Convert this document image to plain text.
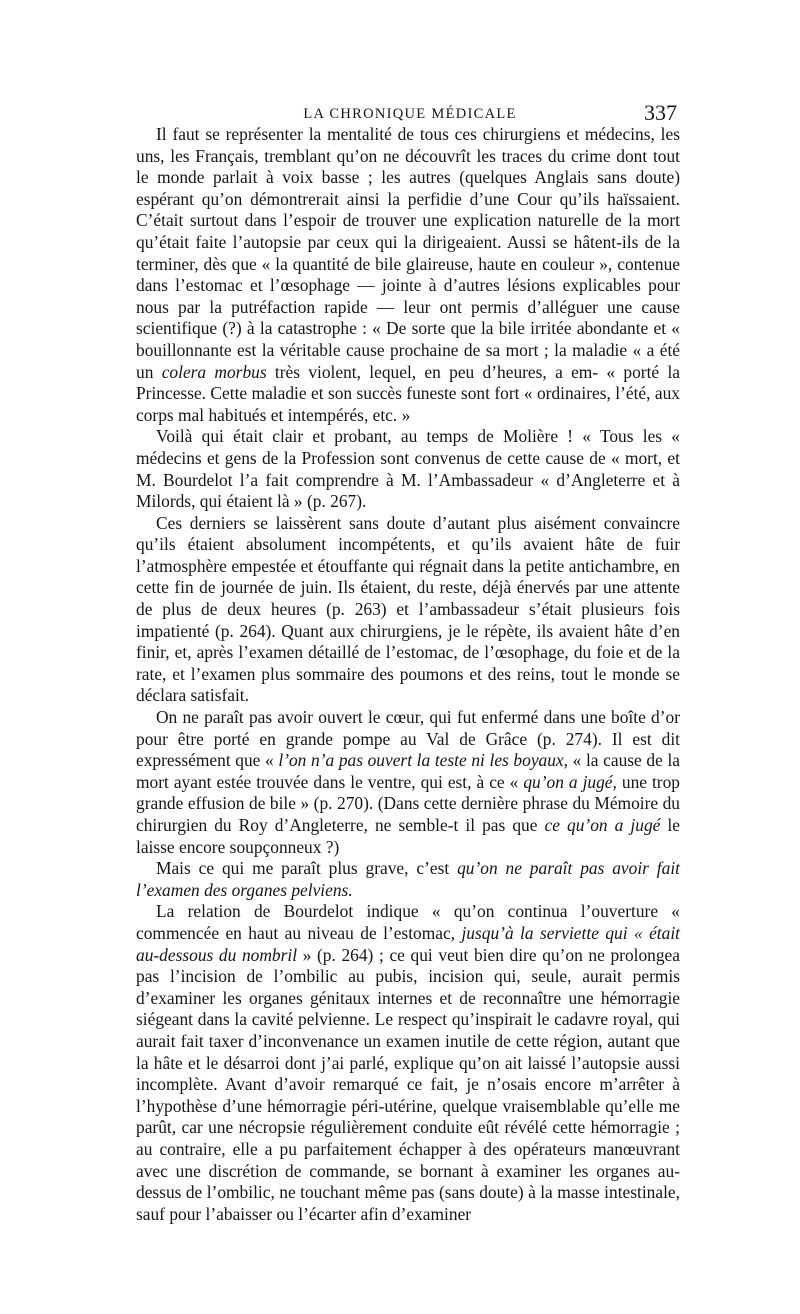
LA CHRONIQUE MÉDICALE	337

Il faut se représenter la mentalité de tous ces chirurgiens et médecins, les uns, les Français, tremblant qu’on ne découvrît les traces du crime dont tout le monde parlait à voix basse ; les autres (quelques Anglais sans doute) espérant qu’on démontrerait ainsi la perfidie d’une Cour qu’ils haïssaient. C’était surtout dans l’espoir de trouver une explication naturelle de la mort qu’était faite l’autopsie par ceux qui la dirigeaient. Aussi se hâtent-ils de la terminer, dès que « la quantité de bile glaireuse, haute en couleur », contenue dans l’estomac et l’œsophage — jointe à d’autres lésions explicables pour nous par la putréfaction rapide — leur ont permis d’alléguer une cause scientifique (?) à la catastrophe : « De sorte que la bile irritée abondante et « bouillonnante est la véritable cause prochaine de sa mort ; la maladie « a été un colera morbus très violent, lequel, en peu d’heures, a em- « porté la Princesse. Cette maladie et son succès funeste sont fort « ordinaires, l’été, aux corps mal habitués et intempérés, etc. »

Voilà qui était clair et probant, au temps de Molière ! « Tous les « médecins et gens de la Profession sont convenus de cette cause de « mort, et M. Bourdelot l’a fait comprendre à M. l’Ambassadeur « d’Angleterre et à Milords, qui étaient là » (p. 267).

Ces derniers se laissèrent sans doute d’autant plus aisément convaincre qu’ils étaient absolument incompétents, et qu’ils avaient hâte de fuir l’atmosphère empestée et étouffante qui régnait dans la petite antichambre, en cette fin de journée de juin. Ils étaient, du reste, déjà énervés par une attente de plus de deux heures (p. 263) et l’ambassadeur s’était plusieurs fois impatienté (p. 264). Quant aux chirurgiens, je le répète, ils avaient hâte d’en finir, et, après l’examen détaillé de l’estomac, de l’œsophage, du foie et de la rate, et l’examen plus sommaire des poumons et des reins, tout le monde se déclara satisfait.

On ne paraît pas avoir ouvert le cœur, qui fut enfermé dans une boîte d’or pour être porté en grande pompe au Val de Grâce (p. 274). Il est dit expressément que « l’on n’a pas ouvert la teste ni les boyaux, « la cause de la mort ayant estée trouvée dans le ventre, qui est, à ce « qu’on a jugé, une trop grande effusion de bile » (p. 270). (Dans cette dernière phrase du Mémoire du chirurgien du Roy d’Angleterre, ne semble-t il pas que ce qu’on a jugé le laisse encore soupçonneux ?)

Mais ce qui me paraît plus grave, c’est qu’on ne paraît pas avoir fait l’examen des organes pelviens.

La relation de Bourdelot indique « qu’on continua l’ouverture « commencée en haut au niveau de l’estomac, jusqu’à la serviette qui « était au-dessous du nombril » (p. 264) ; ce qui veut bien dire qu’on ne prolongea pas l’incision de l’ombilic au pubis, incision qui, seule, aurait permis d’examiner les organes génitaux internes et de reconnaître une hémorragie siégeant dans la cavité pelvienne. Le respect qu’inspirait le cadavre royal, qui aurait fait taxer d’inconvenance un examen inutile de cette région, autant que la hâte et le désarroi dont j’ai parlé, explique qu’on ait laissé l’autopsie aussi incomplète. Avant d’avoir remarqué ce fait, je n’osais encore m’arrêter à l’hypothèse d’une hémorragie péri-utérine, quelque vraisemblable qu’elle me parût, car une nécropsie régulièrement conduite eût révélé cette hémorragie ; au contraire, elle a pu parfaitement échapper à des opérateurs manœuvrant avec une discrétion de commande, se bornant à examiner les organes au-dessus de l’ombilic, ne touchant même pas (sans doute) à la masse intestinale, sauf pour l’abaisser ou l’écarter afin d’examiner
